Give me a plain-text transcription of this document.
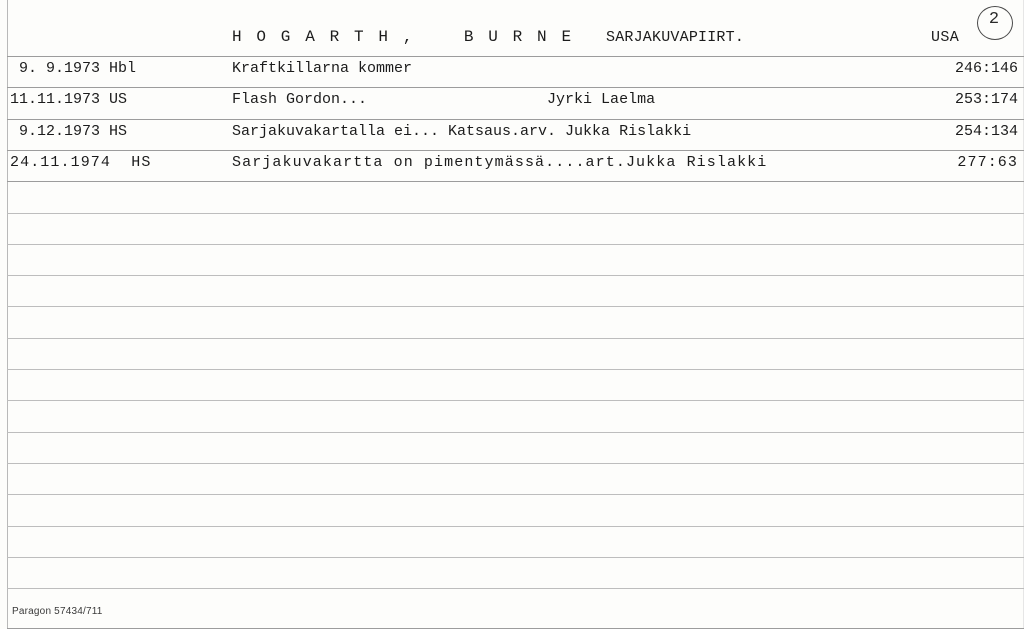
H O G A R T H ,    B U R N E SARJAKUVAPIIRT.	USA
2
9. 9.1973 Hbl	Kraftkillarna kommer	246:146
11.11.1973 US	Flash Gordon...                    Jyrki Laelma	253:174
9.12.1973 HS	Sarjakuvakartalla ei... Katsaus.arv. Jukka Rislakki	254:134
24.11.1974  HS	Sarjakuvakartta on pimentymässä....art.Jukka Rislakki	277:63
Paragon 57434/711
